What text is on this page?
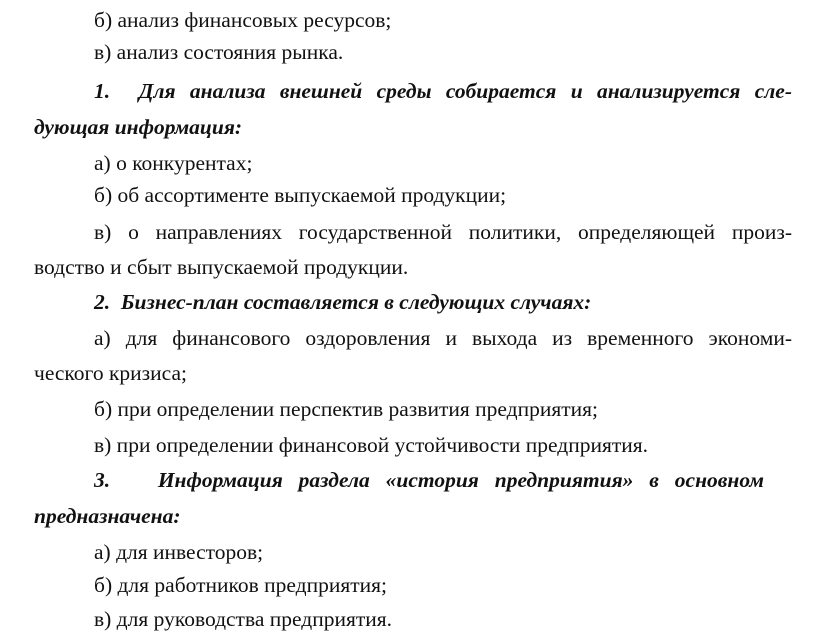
б) анализ финансовых ресурсов;
в) анализ состояния рынка.
1.  Для анализа внешней среды собирается и анализируется сле-
дующая информация:
а) о конкурентах;
б) об ассортименте выпускаемой продукции;
в) о направлениях государственной политики, определяющей произ-
водство и сбыт выпускаемой продукции.
2.  Бизнес-план составляется в следующих случаях:
а) для финансового оздоровления и выхода из временного экономи-
ческого кризиса;
б) при определении перспектив развития предприятия;
в) при определении финансовой устойчивости предприятия.
3.   Информация раздела «история предприятия» в основном
предназначена:
а) для инвесторов;
б) для работников предприятия;
в) для руководства предприятия.
